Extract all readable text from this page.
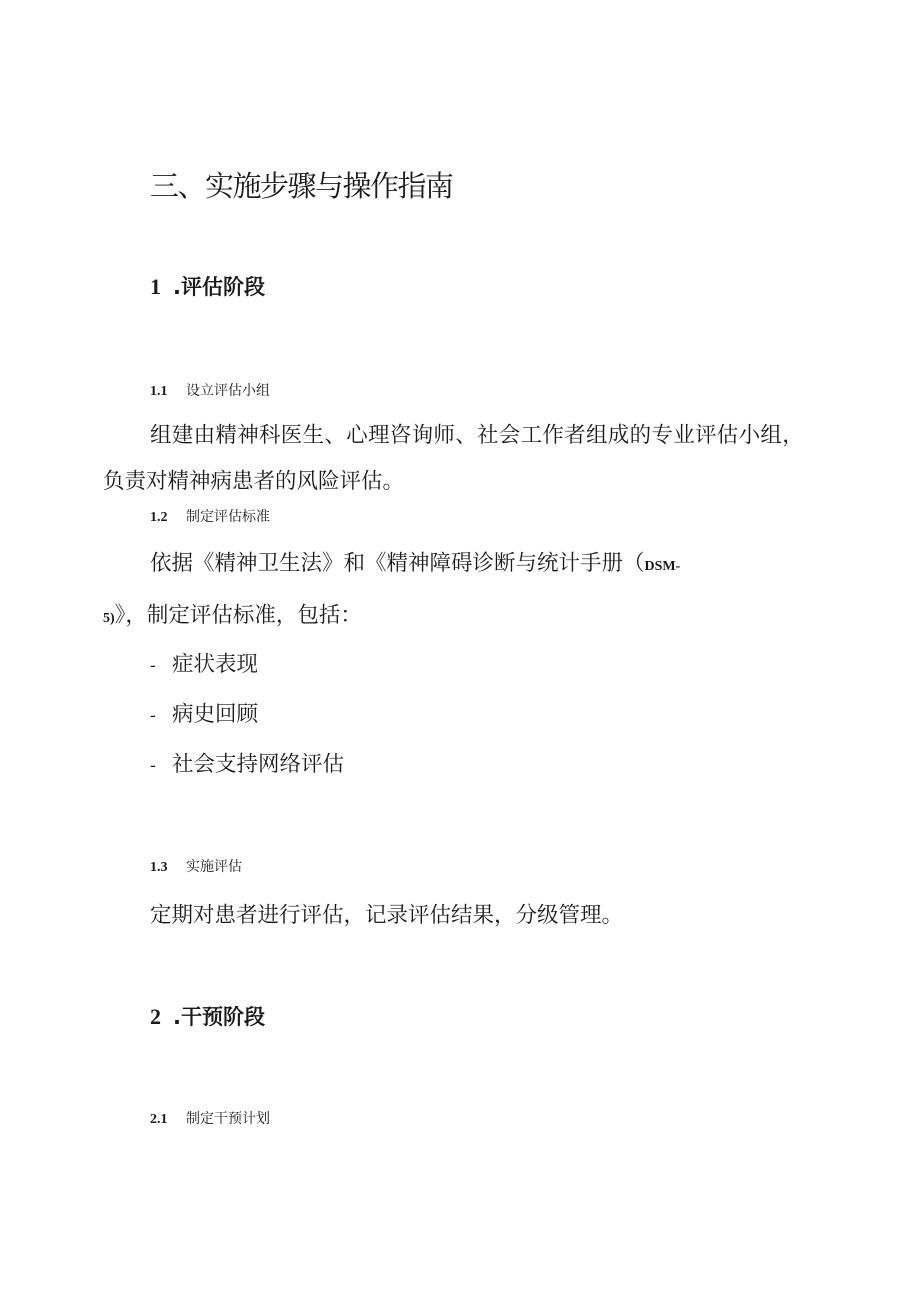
三、实施步骤与操作指南
1 .评估阶段
1.1 设立评估小组
组建由精神科医生、心理咨询师、社会工作者组成的专业评估小组，
负责对精神病患者的风险评估。
1.2 制定评估标准
依据《精神卫生法》和《精神障碍诊断与统计手册（DSM-
5)》，制定评估标准，包括：
- 症状表现
- 病史回顾
- 社会支持网络评估
1.3 实施评估
定期对患者进行评估，记录评估结果，分级管理。
2 .干预阶段
2.1 制定干预计划
